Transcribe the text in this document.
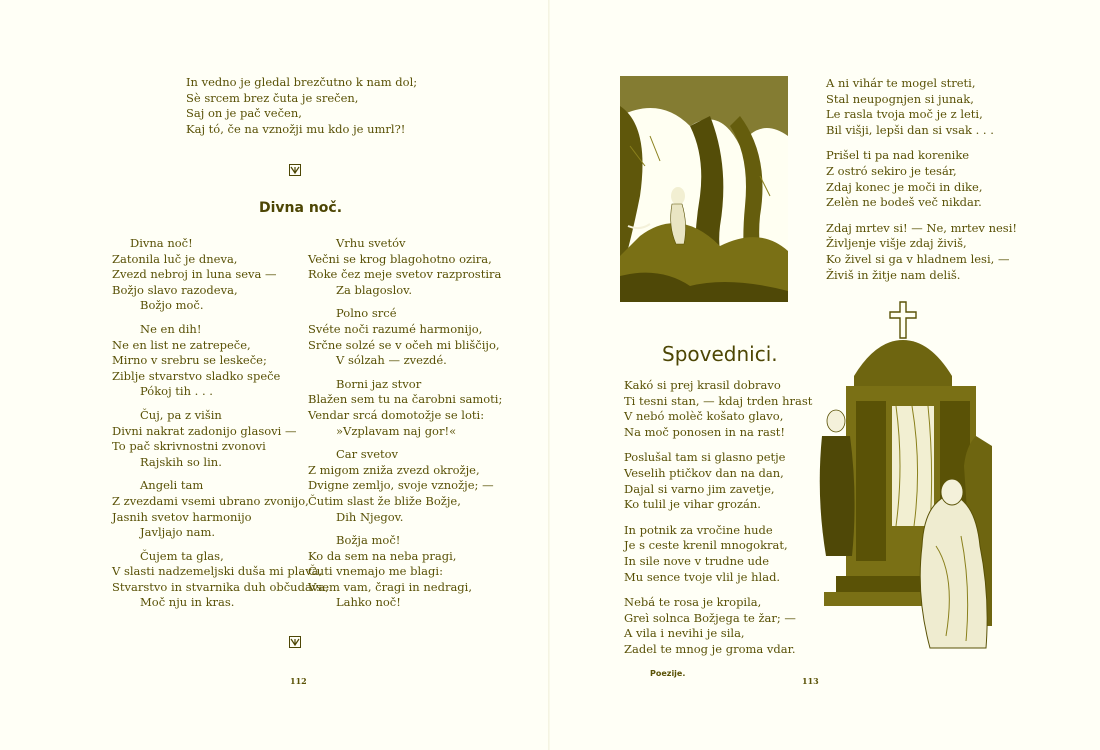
In vedno je gledal brezčutno k nam dol;
Sè srcem brez čuta je srečen,
Saj on je pač večen,
Kaj tó, če na vznožji mu kdo je umrl?!
Divna noč.
Divna noč!
Zatonila luč je dneva,
Zvezd nebroj in luna seva —
Božjo slavo razodeva,
Božjo moč.
Ne en dih!
Ne en list ne zatrepeče,
Mirno v srebru se leskeče;
Ziblje stvarstvo sladko speče
Pókoj tih . . .
Čuj, pa z višin
Divni nakrat zadonijo glasovi —
To pač skrivnostni zvonovi
Rajskih so lin.
Angeli tam
Z zvezdami vsemi ubrano zvonijo,
Jasnih svetov harmonijo
Javljajo nam.
Čujem ta glas,
V slasti nadzemeljski duša mi plava,
Stvarstvo in stvarnika duh občudava,
Moč nju in kras.
Vrhu svetóv
Večni se krog blagohotno ozira,
Roke čez meje svetov razprostira
Za blagoslov.
Polno srcé
Svéte noči razumé harmonijo,
Srčne solzé se v očeh mi bliščijo,
V sólzah — zvezdé.
Borni jaz stvor
Blažen sem tu na čarobni samoti;
Vendar srcá domotožje se loti:
»Vzplavam naj gor!«
Car svetov
Z migom zniža zvezd okrožje,
Dvigne zemljo, svoje vznožje; —
Čutim slast že bliže Božje,
Dih Njegov.
Božja moč!
Ko da sem na neba pragi,
Čuti vnemajo me blagi:
Vsem vam, čragi in nedragi,
Lahko noč!
112
A ni vihár te mogel streti,
Stal neupognjen si junak,
Le rasla tvoja moč je z leti,
Bil višji, lepši dan si vsak . . .
Prišel ti pa nad korenike
Z ostró sekiro je tesár,
Zdaj konec je moči in dike,
Zelèn ne bodeš več nikdar.
Zdaj mrtev si! — Ne, mrtev nesi!
Življenje višje zdaj živiš,
Ko živel si ga v hladnem lesi, —
Živiš in žitje nam deliš.
Spovednici.
Kakó si prej krasil dobravo
Ti tesni stan, — kdaj trden hrast
V nebó molèč košato glavo,
Na moč ponosen in na rast!
Poslušal tam si glasno petje
Veselih ptičkov dan na dan,
Dajal si varno jim zavetje,
Ko tulil je vihar grozán.
In potnik za vročine hude
Je s ceste krenil mnogokrat,
In sile nove v trudne ude
Mu sence tvoje vlil je hlad.
Nebá te rosa je kropila,
Greì solnca Božjega te žar; —
A vila i nevihi je sila,
Zadel te mnog je groma vdar.
Poezije.
113
